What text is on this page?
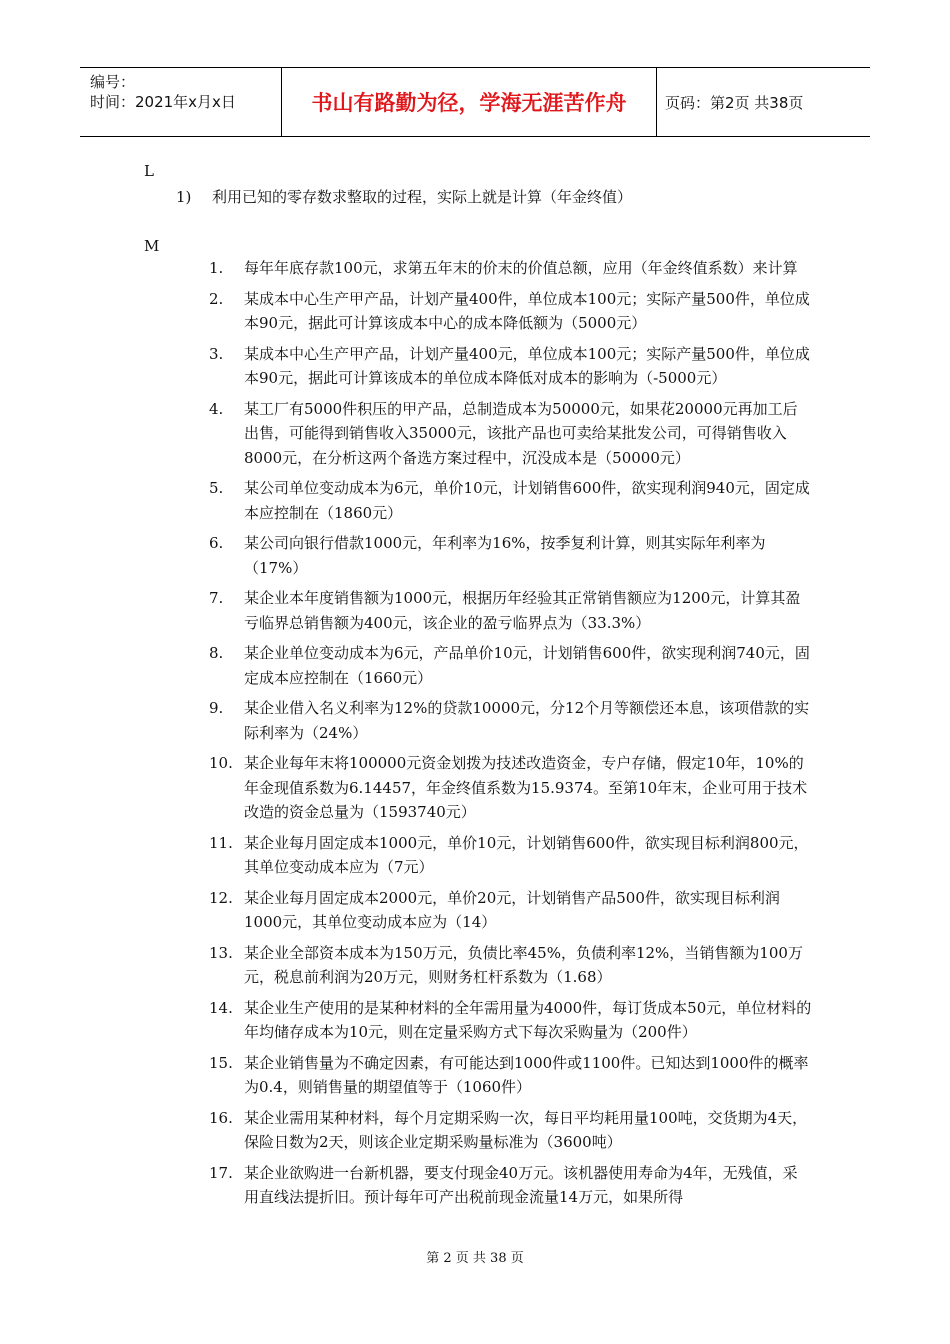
编号：
时间：2021年x月x日	书山有路勤为径，学海无涯苦作舟	页码：第2页 共38页
L
1) 利用已知的零存数求整取的过程，实际上就是计算（年金终值）
M
1.	每年年底存款100元，求第五年末的价末的价值总额，应用（年金终值系数）来计算
2.	某成本中心生产甲产品，计划产量400件，单位成本100元；实际产量500件，单位成本90元，据此可计算该成本中心的成本降低额为（5000元）
3.	某成本中心生产甲产品，计划产量400元，单位成本100元；实际产量500件，单位成本90元，据此可计算该成本的单位成本降低对成本的影响为（-5000元）
4.	某工厂有5000件积压的甲产品，总制造成本为50000元，如果花20000元再加工后出售，可能得到销售收入35000元，该批产品也可卖给某批发公司，可得销售收入8000元，在分析这两个备选方案过程中，沉没成本是（50000元）
5.	某公司单位变动成本为6元，单价10元，计划销售600件，欲实现利润940元，固定成本应控制在（1860元）
6.	某公司向银行借款1000元，年利率为16%，按季复利计算，则其实际年利率为（17%）
7.	某企业本年度销售额为1000元，根据历年经验其正常销售额应为1200元，计算其盈亏临界总销售额为400元，该企业的盈亏临界点为（33.3%）
8.	某企业单位变动成本为6元，产品单价10元，计划销售600件，欲实现利润740元，固定成本应控制在（1660元）
9.	某企业借入名义利率为12%的贷款10000元，分12个月等额偿还本息，该项借款的实际利率为（24%）
10. 某企业每年末将100000元资金划拨为技述改造资金，专户存储，假定10年，10%的年金现值系数为6.14457，年金终值系数为15.9374。至第10年末，企业可用于技术改造的资金总量为（1593740元）
11. 某企业每月固定成本1000元，单价10元，计划销售600件，欲实现目标利润800元，其单位变动成本应为（7元）
12. 某企业每月固定成本2000元，单价20元，计划销售产品500件，欲实现目标利润1000元，其单位变动成本应为（14）
13. 某企业全部资本成本为150万元，负债比率45%，负债利率12%，当销售额为100万元，税息前利润为20万元，则财务杠杆系数为（1.68）
14. 某企业生产使用的是某种材料的全年需用量为4000件，每订货成本50元，单位材料的年均储存成本为10元，则在定量采购方式下每次采购量为（200件）
15. 某企业销售量为不确定因素，有可能达到1000件或1100件。已知达到1000件的概率为0.4，则销售量的期望值等于（1060件）
16. 某企业需用某种材料，每个月定期采购一次，每日平均耗用量100吨，交货期为4天，保险日数为2天，则该企业定期采购量标准为（3600吨）
17. 某企业欲购进一台新机器，要支付现金40万元。该机器使用寿命为4年，无残值，采用直线法提折旧。预计每年可产出税前现金流量14万元，如果所得
第 2 页 共 38 页
